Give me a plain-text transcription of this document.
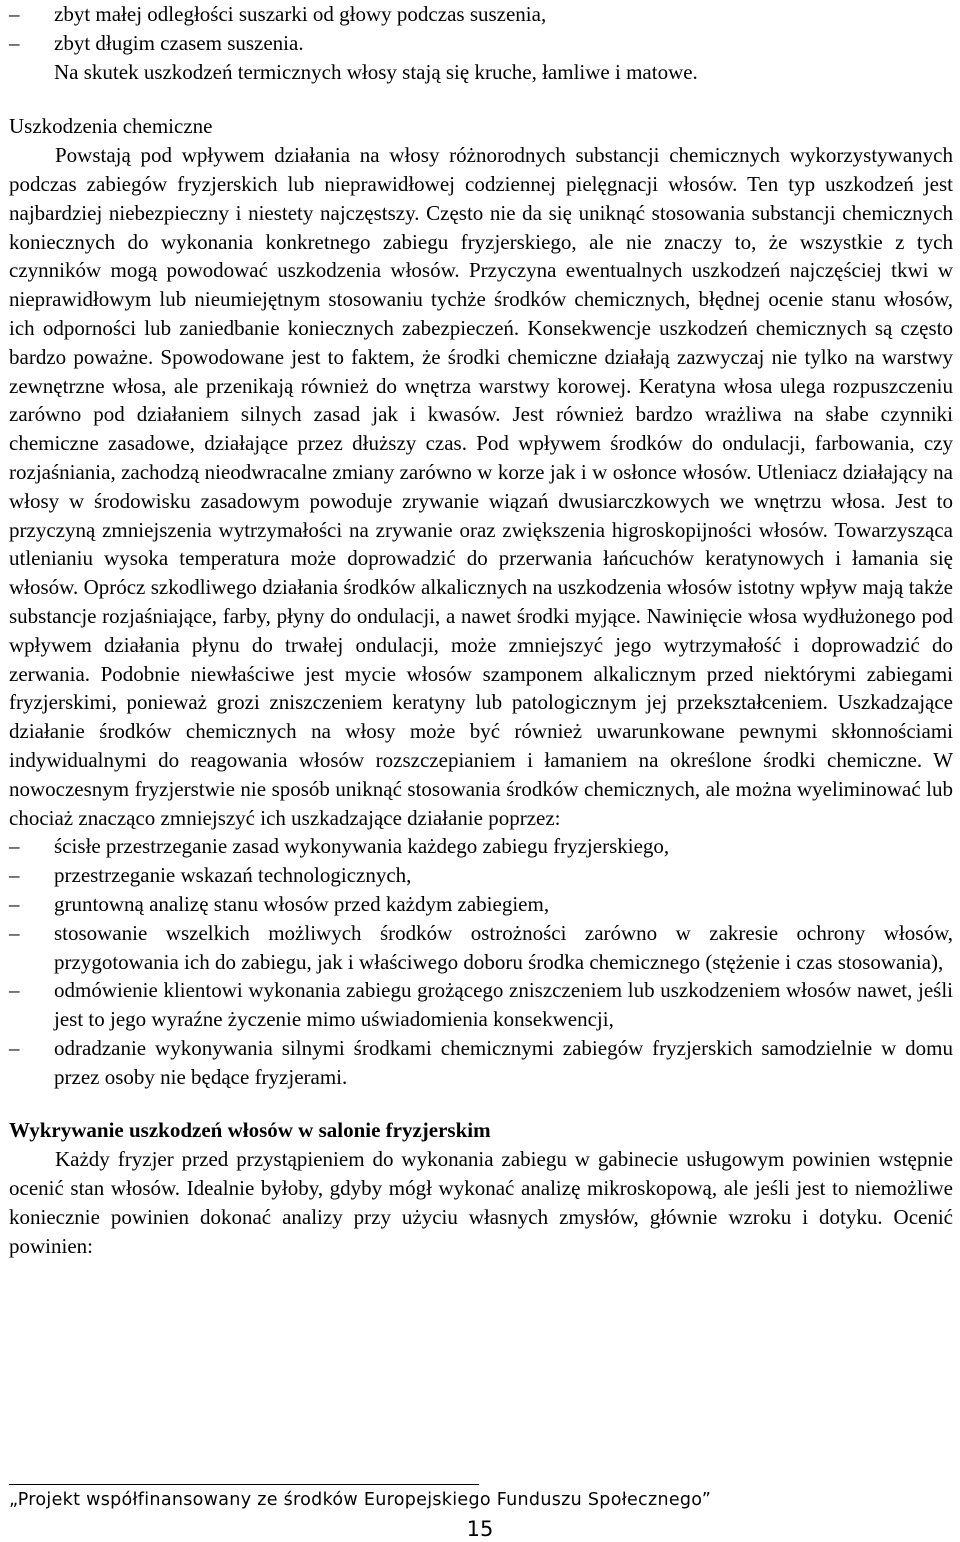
– zbyt małej odległości suszarki od głowy podczas suszenia,
– zbyt długim czasem suszenia.
Na skutek uszkodzeń termicznych włosy stają się kruche, łamliwe i matowe.
Uszkodzenia chemiczne
Powstają pod wpływem działania na włosy różnorodnych substancji chemicznych wykorzystywanych podczas zabiegów fryzjerskich lub nieprawidłowej codziennej pielęgnacji włosów. Ten typ uszkodzeń jest najbardziej niebezpieczny i niestety najczęstszy. Często nie da się uniknąć stosowania substancji chemicznych koniecznych do wykonania konkretnego zabiegu fryzjerskiego, ale nie znaczy to, że wszystkie z tych czynników mogą powodować uszkodzenia włosów. Przyczyna ewentualnych uszkodzeń najczęściej tkwi w nieprawidłowym lub nieumiejętnym stosowaniu tychże środków chemicznych, błędnej ocenie stanu włosów, ich odporności lub zaniedbanie koniecznych zabezpieczeń. Konsekwencje uszkodzeń chemicznych są często bardzo poważne. Spowodowane jest to faktem, że środki chemiczne działają zazwyczaj nie tylko na warstwy zewnętrzne włosa, ale przenikają również do wnętrza warstwy korowej. Keratyna włosa ulega rozpuszczeniu zarówno pod działaniem silnych zasad jak i kwasów. Jest również bardzo wrażliwa na słabe czynniki chemiczne zasadowe, działające przez dłuższy czas. Pod wpływem środków do ondulacji, farbowania, czy rozjaśniania, zachodzą nieodwracalne zmiany zarówno w korze jak i w osłonce włosów. Utleniacz działający na włosy w środowisku zasadowym powoduje zrywanie wiązań dwusiarczkowych we wnętrzu włosa. Jest to przyczyną zmniejszenia wytrzymałości na zrywanie oraz zwiększenia higroskopijności włosów. Towarzysząca utlenianiu wysoka temperatura może doprowadzić do przerwania łańcuchów keratynowych i łamania się włosów. Oprócz szkodliwego działania środków alkalicznych na uszkodzenia włosów istotny wpływ mają także substancje rozjaśniające, farby, płyny do ondulacji, a nawet środki myjące. Nawinięcie włosa wydłużonego pod wpływem działania płynu do trwałej ondulacji, może zmniejszyć jego wytrzymałość i doprowadzić do zerwania. Podobnie niewłaściwe jest mycie włosów szamponem alkalicznym przed niektórymi zabiegami fryzjerskimi, ponieważ grozi zniszczeniem keratyny lub patologicznym jej przekształceniem. Uszkadzające działanie środków chemicznych na włosy może być również uwarunkowane pewnymi skłonnościami indywidualnymi do reagowania włosów rozszczepianiem i łamaniem na określone środki chemiczne. W nowoczesnym fryzjerstwie nie sposób uniknąć stosowania środków chemicznych, ale można wyeliminować lub chociaż znacząco zmniejszyć ich uszkadzające działanie poprzez:
– ścisłe przestrzeganie zasad wykonywania każdego zabiegu fryzjerskiego,
– przestrzeganie wskazań technologicznych,
– gruntowną analizę stanu włosów przed każdym zabiegiem,
– stosowanie wszelkich możliwych środków ostrożności zarówno w zakresie ochrony włosów, przygotowania ich do zabiegu, jak i właściwego doboru środka chemicznego (stężenie i czas stosowania),
– odmówienie klientowi wykonania zabiegu grożącego zniszczeniem lub uszkodzeniem włosów nawet, jeśli jest to jego wyraźne życzenie mimo uświadomienia konsekwencji,
– odradzanie wykonywania silnymi środkami chemicznymi zabiegów fryzjerskich samodzielnie w domu przez osoby nie będące fryzjerami.
Wykrywanie uszkodzeń włosów w salonie fryzjerskim
Każdy fryzjer przed przystąpieniem do wykonania zabiegu w gabinecie usługowym powinien wstępnie ocenić stan włosów. Idealnie byłoby, gdyby mógł wykonać analizę mikroskopową, ale jeśli jest to niemożliwe koniecznie powinien dokonać analizy przy użyciu własnych zmysłów, głównie wzroku i dotyku. Ocenić powinien:
„Projekt współfinansowany ze środków Europejskiego Funduszu Społecznego”
15
